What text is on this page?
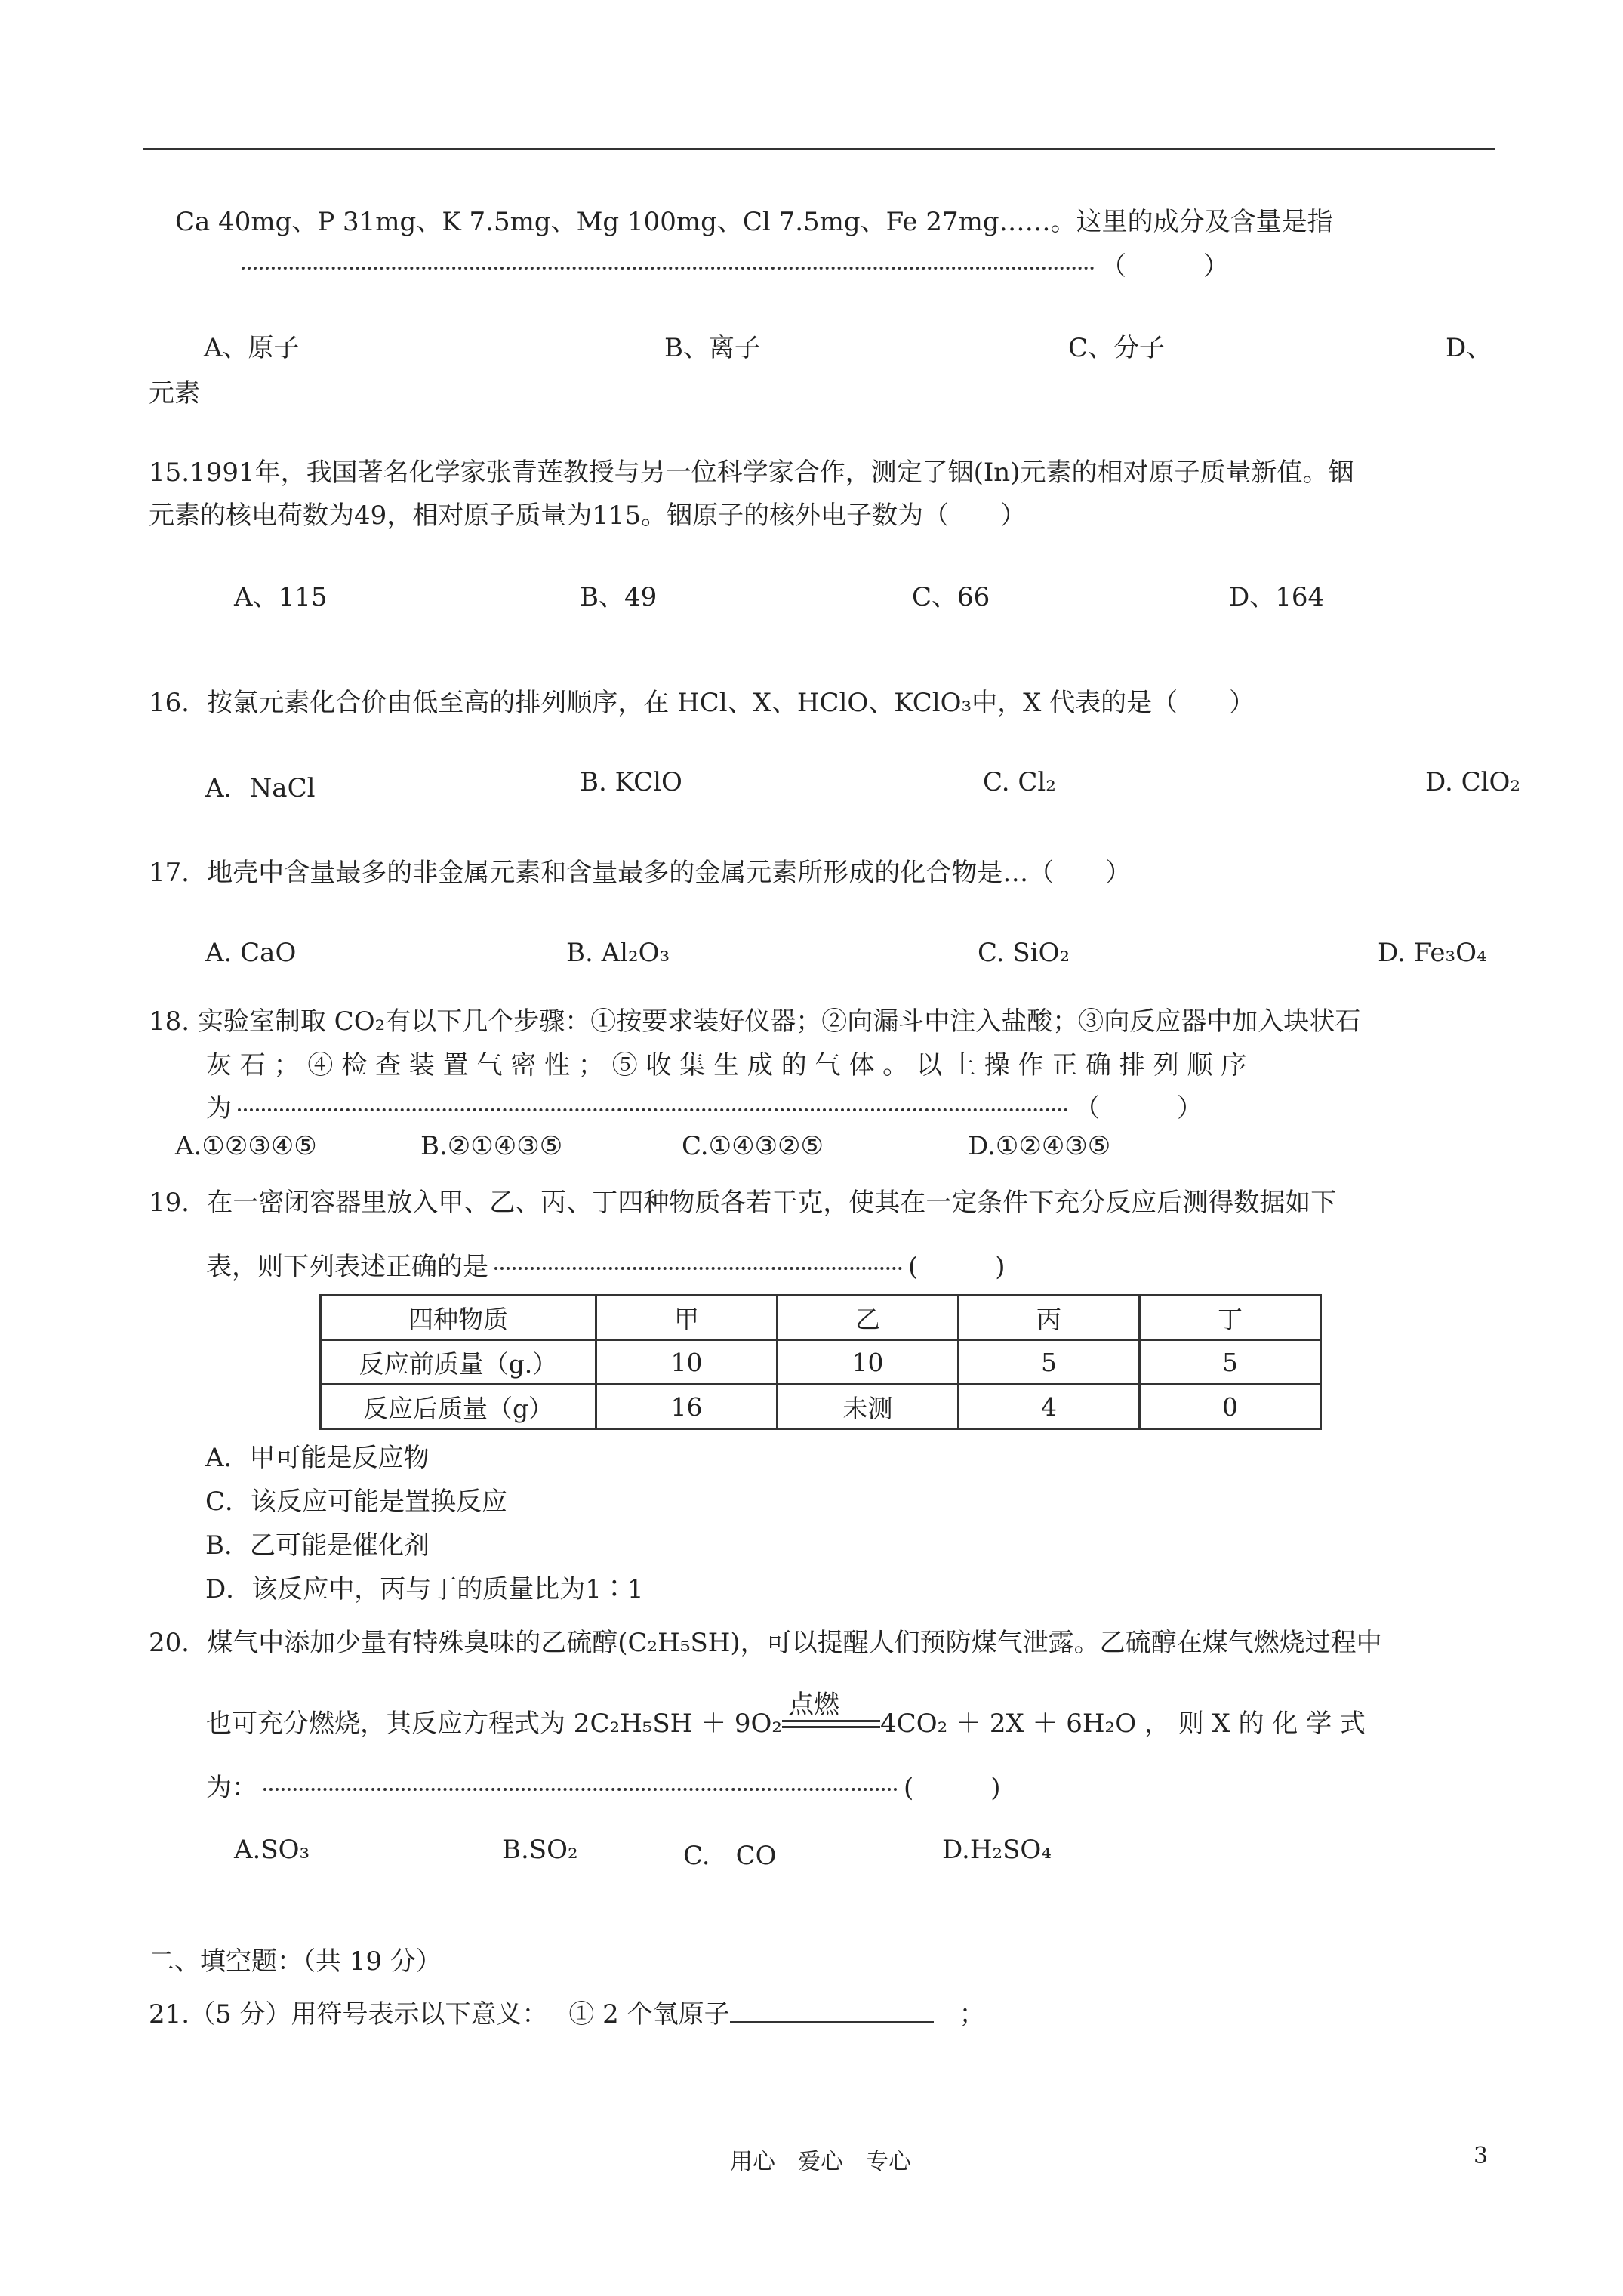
Ca 40mg、P 31mg、K 7.5mg、Mg 100mg、Cl 7.5mg、Fe 27mg……。这里的成分及含量是指
（　　　）
A、原子	B、离子	C、分子	D、
元素
15.1991年，我国著名化学家张青莲教授与另一位科学家合作，测定了铟(In)元素的相对原子质量新值。铟
元素的核电荷数为49，相对原子质量为115。铟原子的核外电子数为（　　）
A、115	B、49	C、66	D、164
16．按氯元素化合价由低至高的排列顺序，在 HCl、X、HClO、KClO₃中，X 代表的是（　　）
A．NaCl	B. KClO	C. Cl₂	D. ClO₂
17．地壳中含量最多的非金属元素和含量最多的金属元素所形成的化合物是…（　　）
A. CaO	B. Al₂O₃	C. SiO₂	D. Fe₃O₄
18. 实验室制取 CO₂有以下几个步骤：①按要求装好仪器；②向漏斗中注入盐酸；③向反应器中加入块状石
灰 石 ； ④ 检 查 装 置 气 密 性 ； ⑤ 收 集 生 成 的 气 体 。 以 上 操 作 正 确 排 列 顺 序
为	（　　　）
A.①②③④⑤	B.②①④③⑤	C.①④③②⑤	D.①②④③⑤
19．在一密闭容器里放入甲、乙、丙、丁四种物质各若干克，使其在一定条件下充分反应后测得数据如下
表，则下列表述正确的是	(　　　)
四种物质	甲	乙	丙	丁
反应前质量（g.）	10	10	5	5
反应后质量（g）	16	未测	4	0
A．甲可能是反应物
C．该反应可能是置换反应
B．乙可能是催化剂
D．该反应中，丙与丁的质量比为1∶1
20．煤气中添加少量有特殊臭味的乙硫醇(C₂H₅SH)，可以提醒人们预防煤气泄露。乙硫醇在煤气燃烧过程中
也可充分燃烧，其反应方程式为 2C₂H₅SH ＋ 9O₂
点燃
4CO₂ ＋ 2X ＋ 6H₂O ， 则 X 的 化 学 式
为：	(　　　)
A.SO₃	B.SO₂	C.　CO	D.H₂SO₄
二、填空题：（共 19 分）
21.（5 分）用符号表示以下意义：　 ① 2 个氧原子　	；
用心　爱心　专心	3
